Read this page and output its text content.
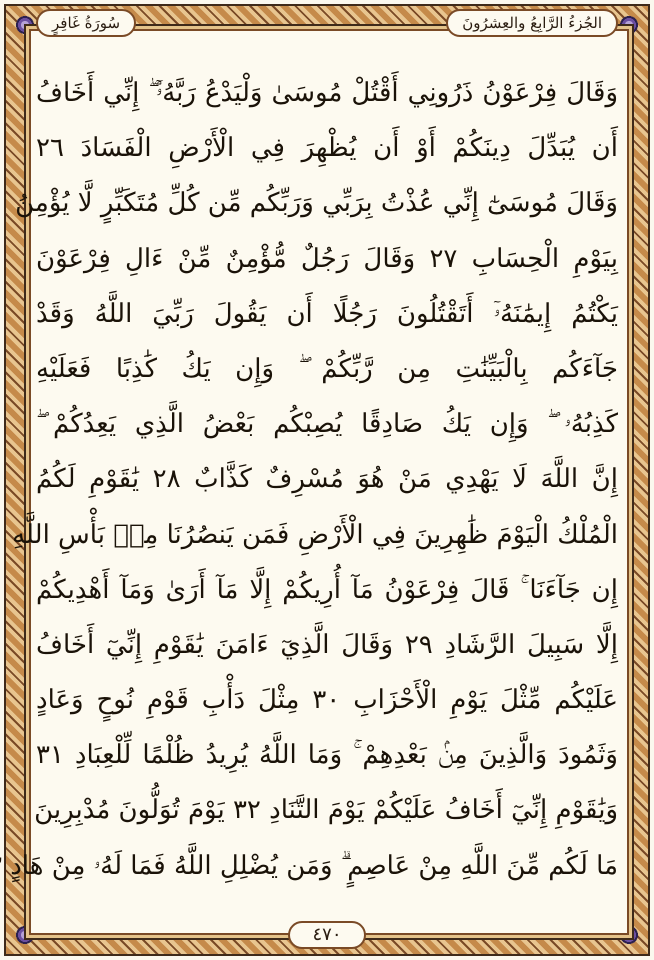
الجُزءُ الرَّابِعُ والعِشرُونَ
سُورَةُ غَافِرٍ
وَقَالَ فِرْعَوْنُ ذَرُونِي أَقْتُلْ مُوسَىٰ وَلْيَدْعُ رَبَّهُۥٓ ۖ إِنِّي أَخَافُ
أَن يُبَدِّلَ دِينَكُمْ أَوْ أَن يُظْهِرَ فِي الْأَرْضِ الْفَسَادَ ٢٦
وَقَالَ مُوسَىٰٓ إِنِّي عُذْتُ بِرَبِّي وَرَبِّكُم مِّن كُلِّ مُتَكَبِّرٍ لَّا يُؤْمِنُ
بِيَوْمِ الْحِسَابِ ٢٧ وَقَالَ رَجُلٌ مُّؤْمِنٌ مِّنْ ءَالِ فِرْعَوْنَ
يَكْتُمُ إِيمَٰنَهُۥٓ أَتَقْتُلُونَ رَجُلًا أَن يَقُولَ رَبِّيَ اللَّهُ وَقَدْ
جَآءَكُم بِالْبَيِّنَٰتِ مِن رَّبِّكُمْ ۖ وَإِن يَكُ كَٰذِبًا فَعَلَيْهِ
كَذِبُهُۥ ۖ وَإِن يَكُ صَادِقًا يُصِبْكُم بَعْضُ الَّذِي يَعِدُكُمْ ۖ
إِنَّ اللَّهَ لَا يَهْدِي مَنْ هُوَ مُسْرِفٌ كَذَّابٌ ٢٨ يَٰقَوْمِ لَكُمُ
الْمُلْكُ الْيَوْمَ ظَٰهِرِينَ فِي الْأَرْضِ فَمَن يَنصُرُنَا مِنۢ بَأْسِ اللَّهِ
إِن جَآءَنَا ۚ قَالَ فِرْعَوْنُ مَآ أُرِيكُمْ إِلَّا مَآ أَرَىٰ وَمَآ أَهْدِيكُمْ
إِلَّا سَبِيلَ الرَّشَادِ ٢٩ وَقَالَ الَّذِيٓ ءَامَنَ يَٰقَوْمِ إِنِّيٓ أَخَافُ
عَلَيْكُم مِّثْلَ يَوْمِ الْأَحْزَابِ ٣٠ مِثْلَ دَأْبِ قَوْمِ نُوحٍ وَعَادٍ
وَثَمُودَ وَالَّذِينَ مِنۢ بَعْدِهِمْ ۚ وَمَا اللَّهُ يُرِيدُ ظُلْمًا لِّلْعِبَادِ ٣١
وَيَٰقَوْمِ إِنِّيٓ أَخَافُ عَلَيْكُمْ يَوْمَ التَّنَادِ ٣٢ يَوْمَ تُوَلُّونَ مُدْبِرِينَ
مَا لَكُم مِّنَ اللَّهِ مِنْ عَاصِمٍ ۗ وَمَن يُضْلِلِ اللَّهُ فَمَا لَهُۥ مِنْ هَادٍ
٤٧٠
